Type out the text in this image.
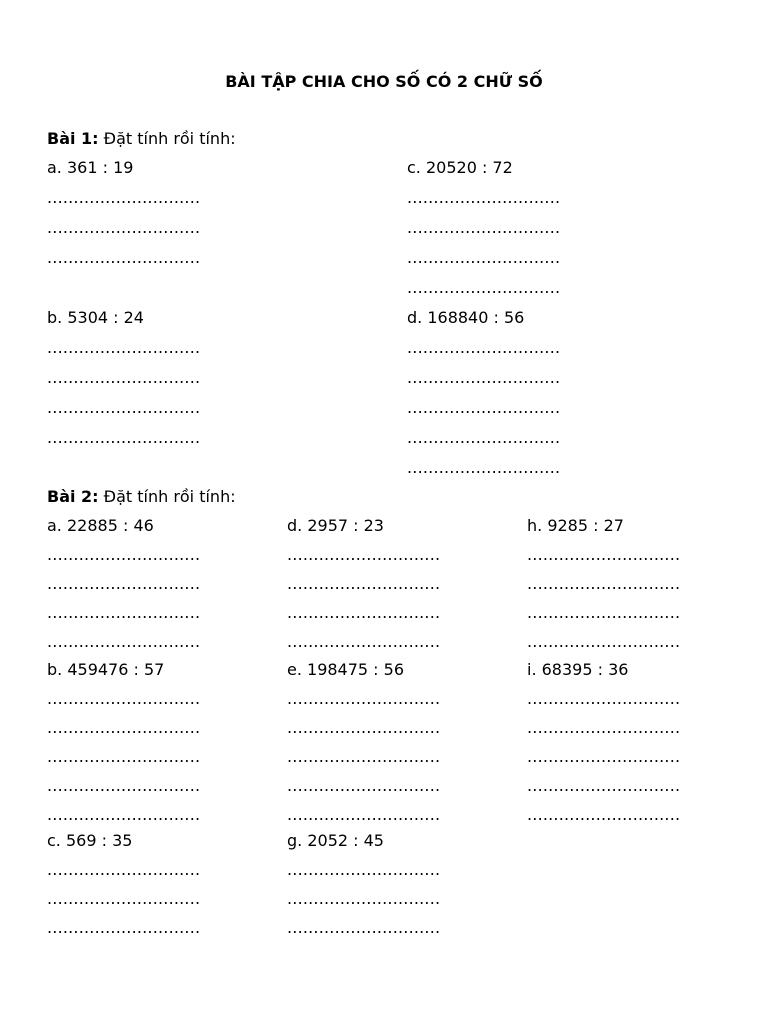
BÀI TẬP CHIA CHO SỐ CÓ 2 CHỮ SỐ
Bài 1: Đặt tính rồi tính:
a. 361 : 19
.............................
.............................
.............................
c. 20520 : 72
.............................
.............................
.............................
.............................
b. 5304 : 24
.............................
.............................
.............................
.............................
d. 168840 : 56
.............................
.............................
.............................
.............................
.............................
Bài 2: Đặt tính rồi tính:
a. 22885 : 46
.............................
.............................
.............................
.............................
d. 2957 : 23
.............................
.............................
.............................
.............................
h. 9285 : 27
.............................
.............................
.............................
.............................
b. 459476 : 57
.............................
.............................
.............................
.............................
.............................
e. 198475 : 56
.............................
.............................
.............................
.............................
.............................
i. 68395 : 36
.............................
.............................
.............................
.............................
.............................
c. 569 : 35
.............................
.............................
.............................
g. 2052 : 45
.............................
.............................
.............................
